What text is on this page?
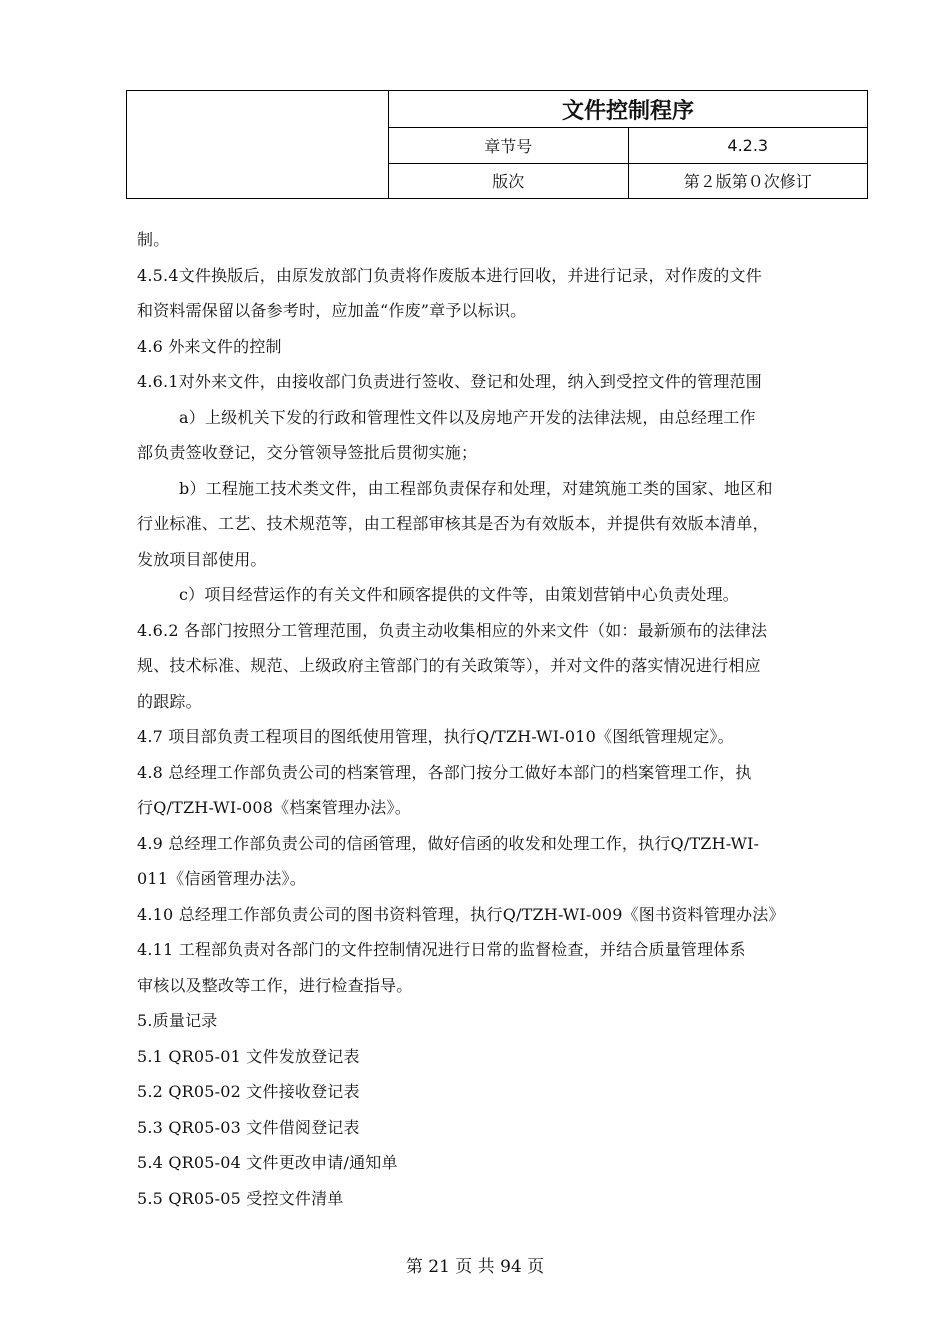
	文件控制程序	
	章节号	4.2.3
	版次	第２版第０次修订

制。

4.5.4文件换版后，由原发放部门负责将作废版本进行回收，并进行记录，对作废的文件

和资料需保留以备参考时，应加盖“作废”章予以标识。

4.6 外来文件的控制

4.6.1对外来文件，由接收部门负责进行签收、登记和处理，纳入到受控文件的管理范围

a）上级机关下发的行政和管理性文件以及房地产开发的法律法规，由总经理工作

部负责签收登记，交分管领导签批后贯彻实施；

b）工程施工技术类文件，由工程部负责保存和处理，对建筑施工类的国家、地区和

行业标准、工艺、技术规范等，由工程部审核其是否为有效版本，并提供有效版本清单，

发放项目部使用。

c）项目经营运作的有关文件和顾客提供的文件等，由策划营销中心负责处理。

4.6.2 各部门按照分工管理范围，负责主动收集相应的外来文件（如：最新颁布的法律法

规、技术标准、规范、上级政府主管部门的有关政策等），并对文件的落实情况进行相应

的跟踪。

4.7 项目部负责工程项目的图纸使用管理，执行Q/TZH-WI-010《图纸管理规定》。

4.8 总经理工作部负责公司的档案管理，各部门按分工做好本部门的档案管理工作，执

行Q/TZH-WI-008《档案管理办法》。

4.9 总经理工作部负责公司的信函管理，做好信函的收发和处理工作，执行Q/TZH-WI-

011《信函管理办法》。

4.10 总经理工作部负责公司的图书资料管理，执行Q/TZH-WI-009《图书资料管理办法》

4.11 工程部负责对各部门的文件控制情况进行日常的监督检查，并结合质量管理体系

审核以及整改等工作，进行检查指导。

5.质量记录

5.1 QR05-01 文件发放登记表

5.2 QR05-02 文件接收登记表

5.3 QR05-03 文件借阅登记表

5.4 QR05-04 文件更改申请/通知单

5.5 QR05-05 受控文件清单

第 21 页 共 94 页
